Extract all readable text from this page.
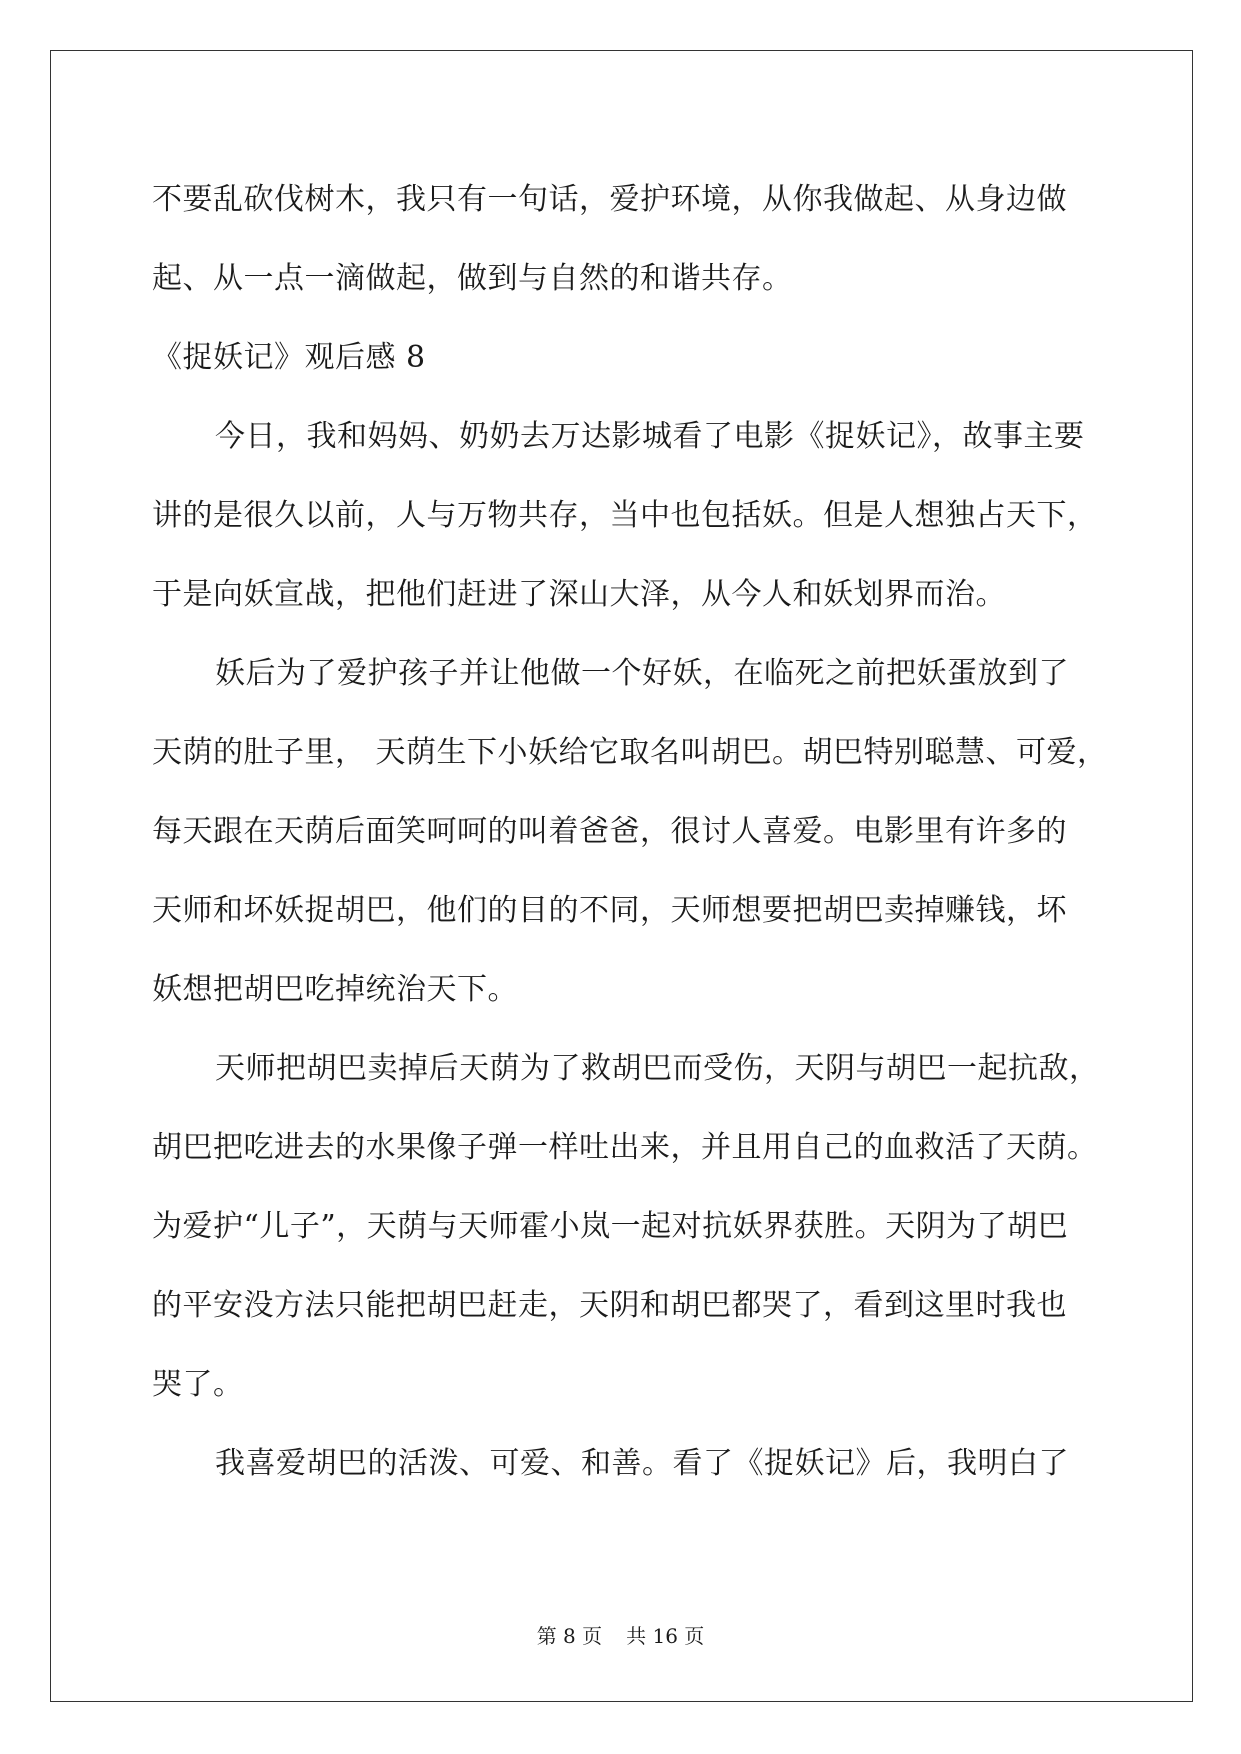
不要乱砍伐树木，我只有一句话，爱护环境，从你我做起、从身边做
起、从一点一滴做起，做到与自然的和谐共存。
《捉妖记》观后感 8
今日，我和妈妈、奶奶去万达影城看了电影《捉妖记》，故事主要
讲的是很久以前，人与万物共存，当中也包括妖。但是人想独占天下，
于是向妖宣战，把他们赶进了深山大泽，从今人和妖划界而治。
妖后为了爱护孩子并让他做一个好妖，在临死之前把妖蛋放到了
天荫的肚子里， 天荫生下小妖给它取名叫胡巴。胡巴特别聪慧、可爱，
每天跟在天荫后面笑呵呵的叫着爸爸，很讨人喜爱。电影里有许多的
天师和坏妖捉胡巴，他们的目的不同，天师想要把胡巴卖掉赚钱，坏
妖想把胡巴吃掉统治天下。
天师把胡巴卖掉后天荫为了救胡巴而受伤，天阴与胡巴一起抗敌，
胡巴把吃进去的水果像子弹一样吐出来，并且用自己的血救活了天荫。
为爱护“儿子”，天荫与天师霍小岚一起对抗妖界获胜。天阴为了胡巴
的平安没方法只能把胡巴赶走，天阴和胡巴都哭了，看到这里时我也
哭了。
我喜爱胡巴的活泼、可爱、和善。看了《捉妖记》后，我明白了
第 8 页 共 16 页
